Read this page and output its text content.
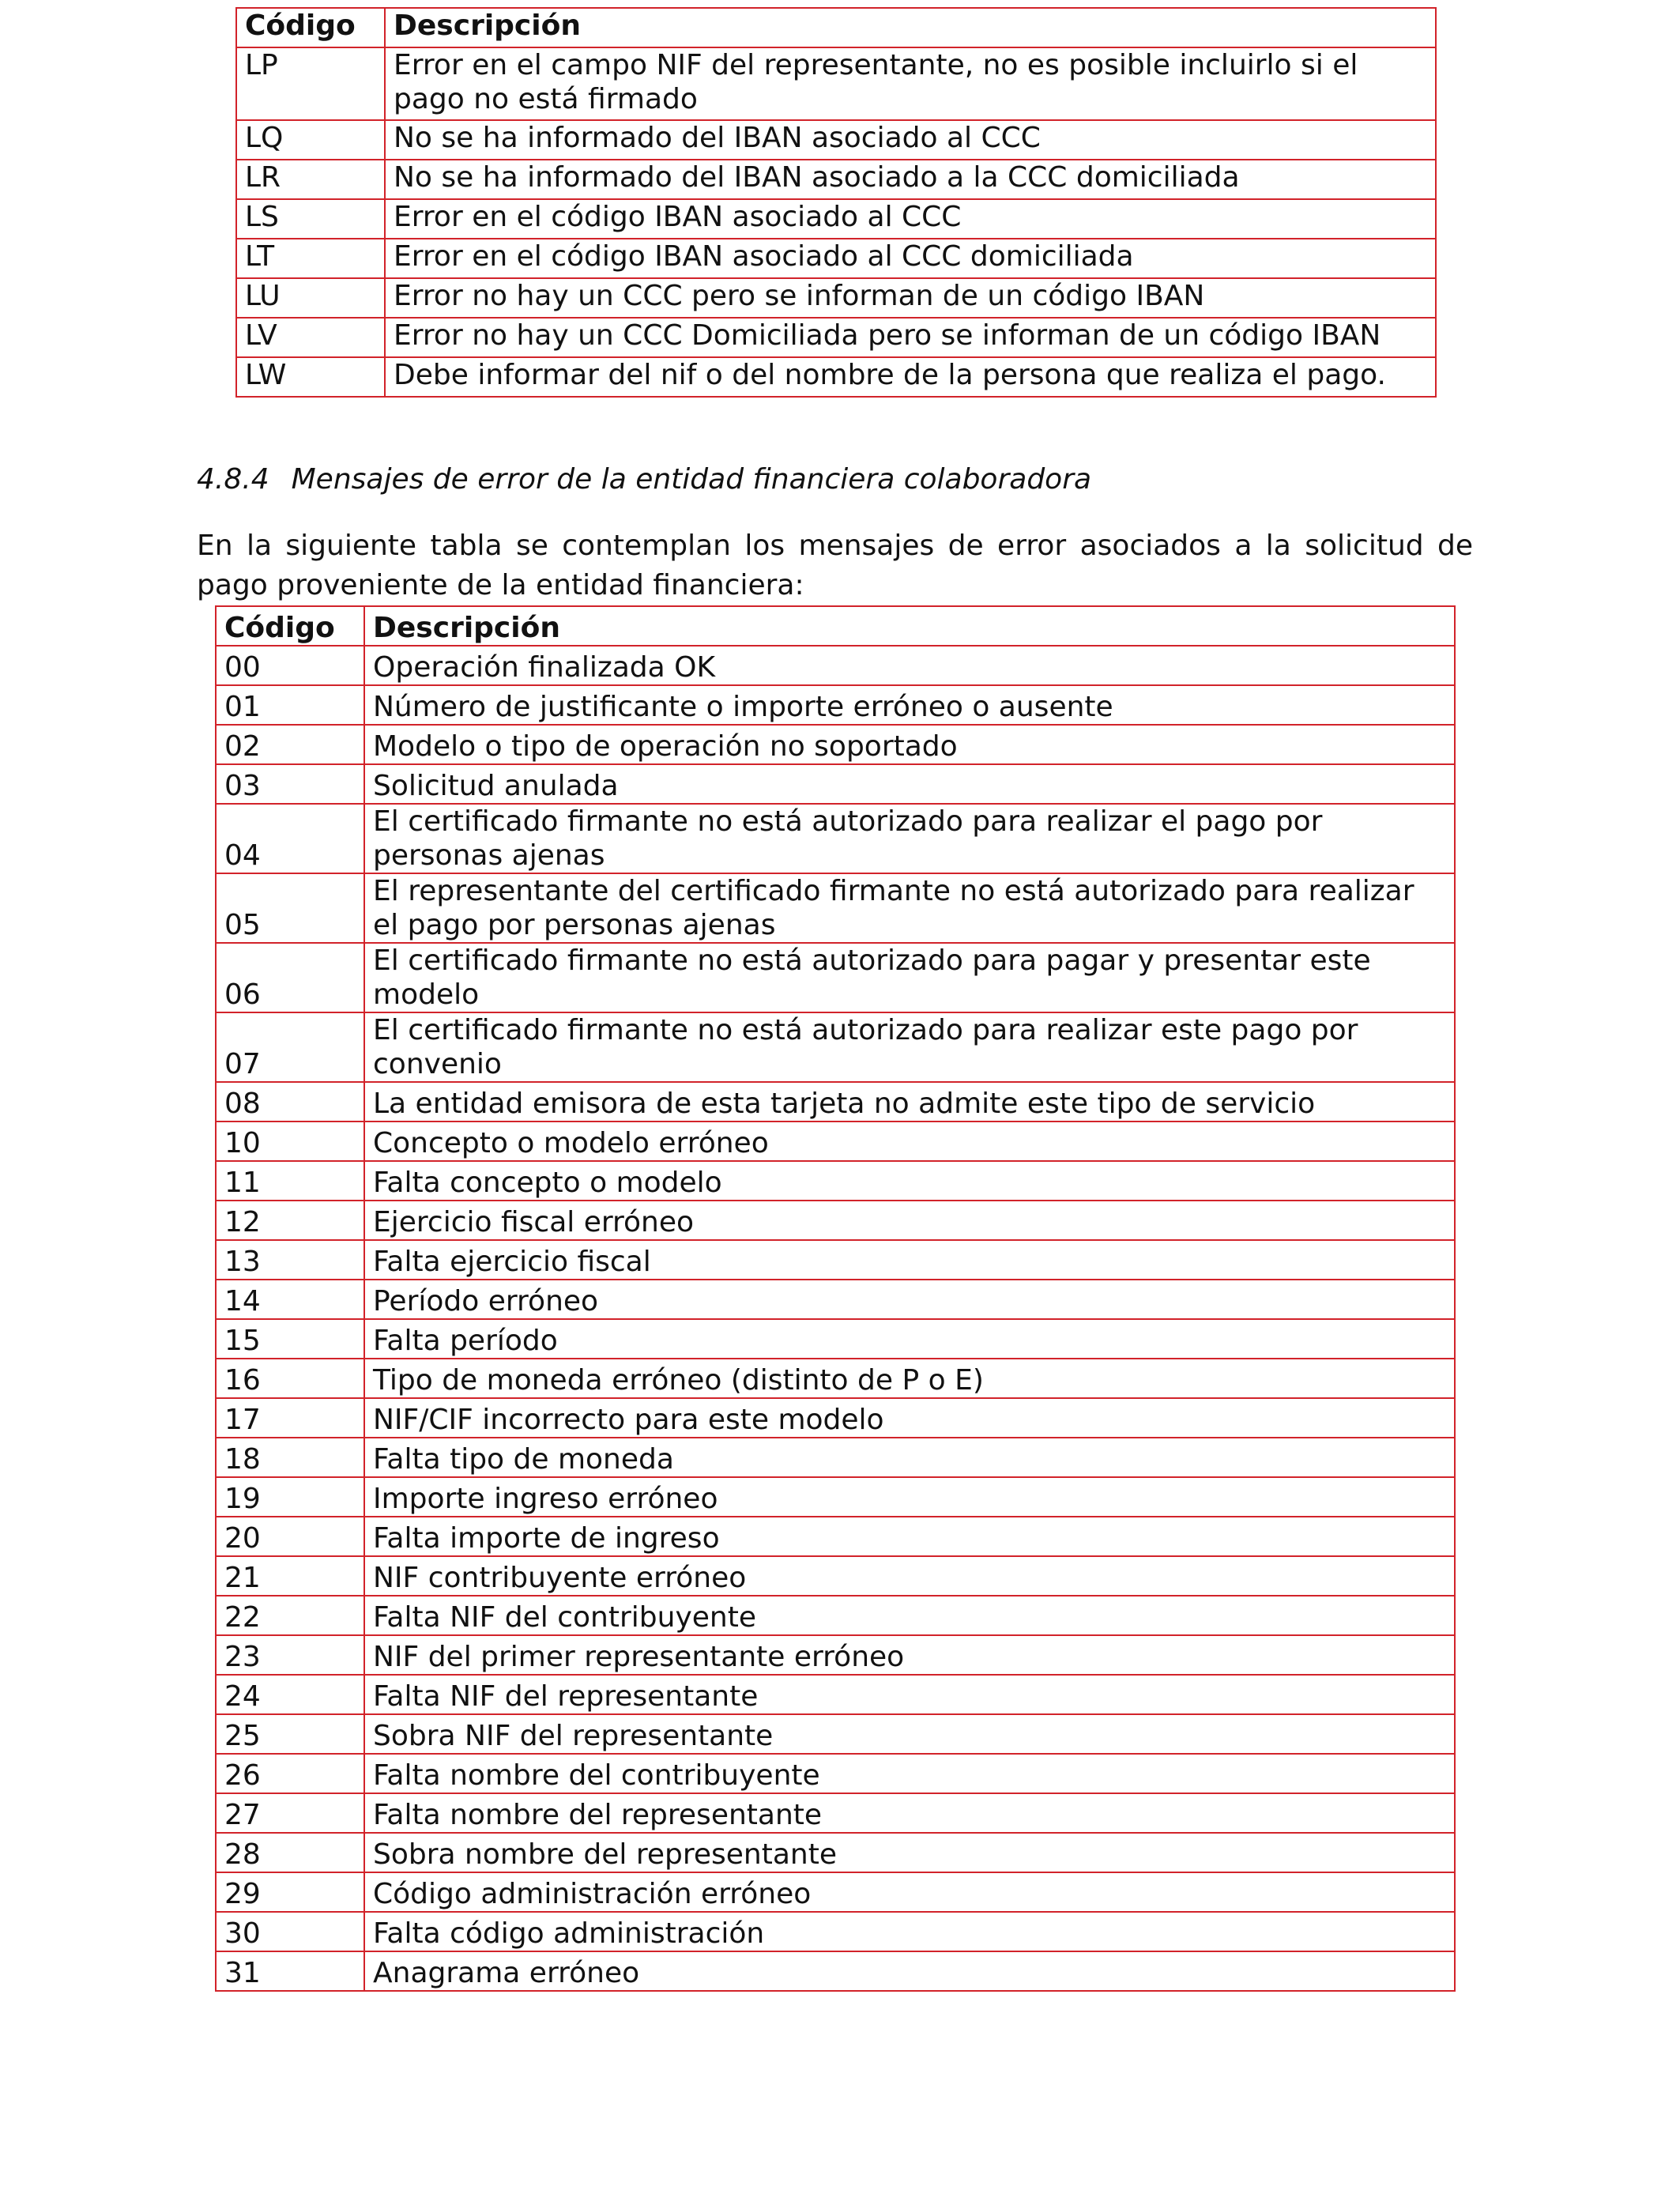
Código	Descripción
LP	Error en el campo NIF del representante, no es posible incluirlo si el pago no está firmado
LQ	No se ha informado del IBAN asociado al CCC
LR	No se ha informado del IBAN asociado a la CCC domiciliada
LS	Error en el código IBAN asociado al CCC
LT	Error en el código IBAN asociado al CCC domiciliada
LU	Error no hay un CCC pero se informan de un código IBAN
LV	Error no hay un CCC Domiciliada pero se informan de un código IBAN
LW	Debe informar del nif o del nombre de la persona que realiza el pago.
4.8.4 Mensajes de error de la entidad financiera colaboradora

En la siguiente tabla se contemplan los mensajes de error asociados a la solicitud de pago proveniente de la entidad financiera:

Código	Descripción
00	Operación finalizada OK
01	Número de justificante o importe erróneo o ausente
02	Modelo o tipo de operación no soportado
03	Solicitud anulada
04	El certificado firmante no está autorizado para realizar el pago por personas ajenas
05	El representante del certificado firmante no está autorizado para realizar el pago por personas ajenas
06	El certificado firmante no está autorizado para pagar y presentar este modelo
07	El certificado firmante no está autorizado para realizar este pago por convenio
08	La entidad emisora de esta tarjeta no admite este tipo de servicio
10	Concepto o modelo erróneo
11	Falta concepto o modelo
12	Ejercicio fiscal erróneo
13	Falta ejercicio fiscal
14	Período erróneo
15	Falta período
16	Tipo de moneda erróneo (distinto de P o E)
17	NIF/CIF incorrecto para este modelo
18	Falta tipo de moneda
19	Importe ingreso erróneo
20	Falta importe de ingreso
21	NIF contribuyente erróneo
22	Falta NIF del contribuyente
23	NIF del primer representante erróneo
24	Falta NIF del representante
25	Sobra NIF del representante
26	Falta nombre del contribuyente
27	Falta nombre del representante
28	Sobra nombre del representante
29	Código administración erróneo
30	Falta código administración
31	Anagrama erróneo
